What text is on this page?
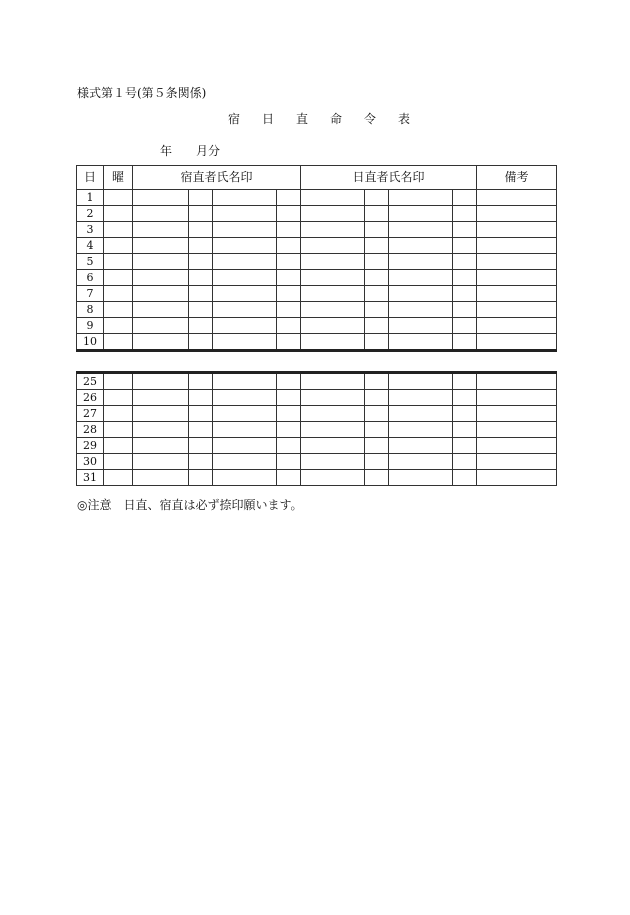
様式第１号(第５条関係)
宿 日 直 命 令 表
年 月分
日	曜	宿直者氏名印				日直者氏名印				備考
1										
2										
3										
4										
5										
6										
7										
8										
9										
10										
25										
26										
27										
28										
29										
30										
31										
◎注意　日直、宿直は必ず捺印願います。
